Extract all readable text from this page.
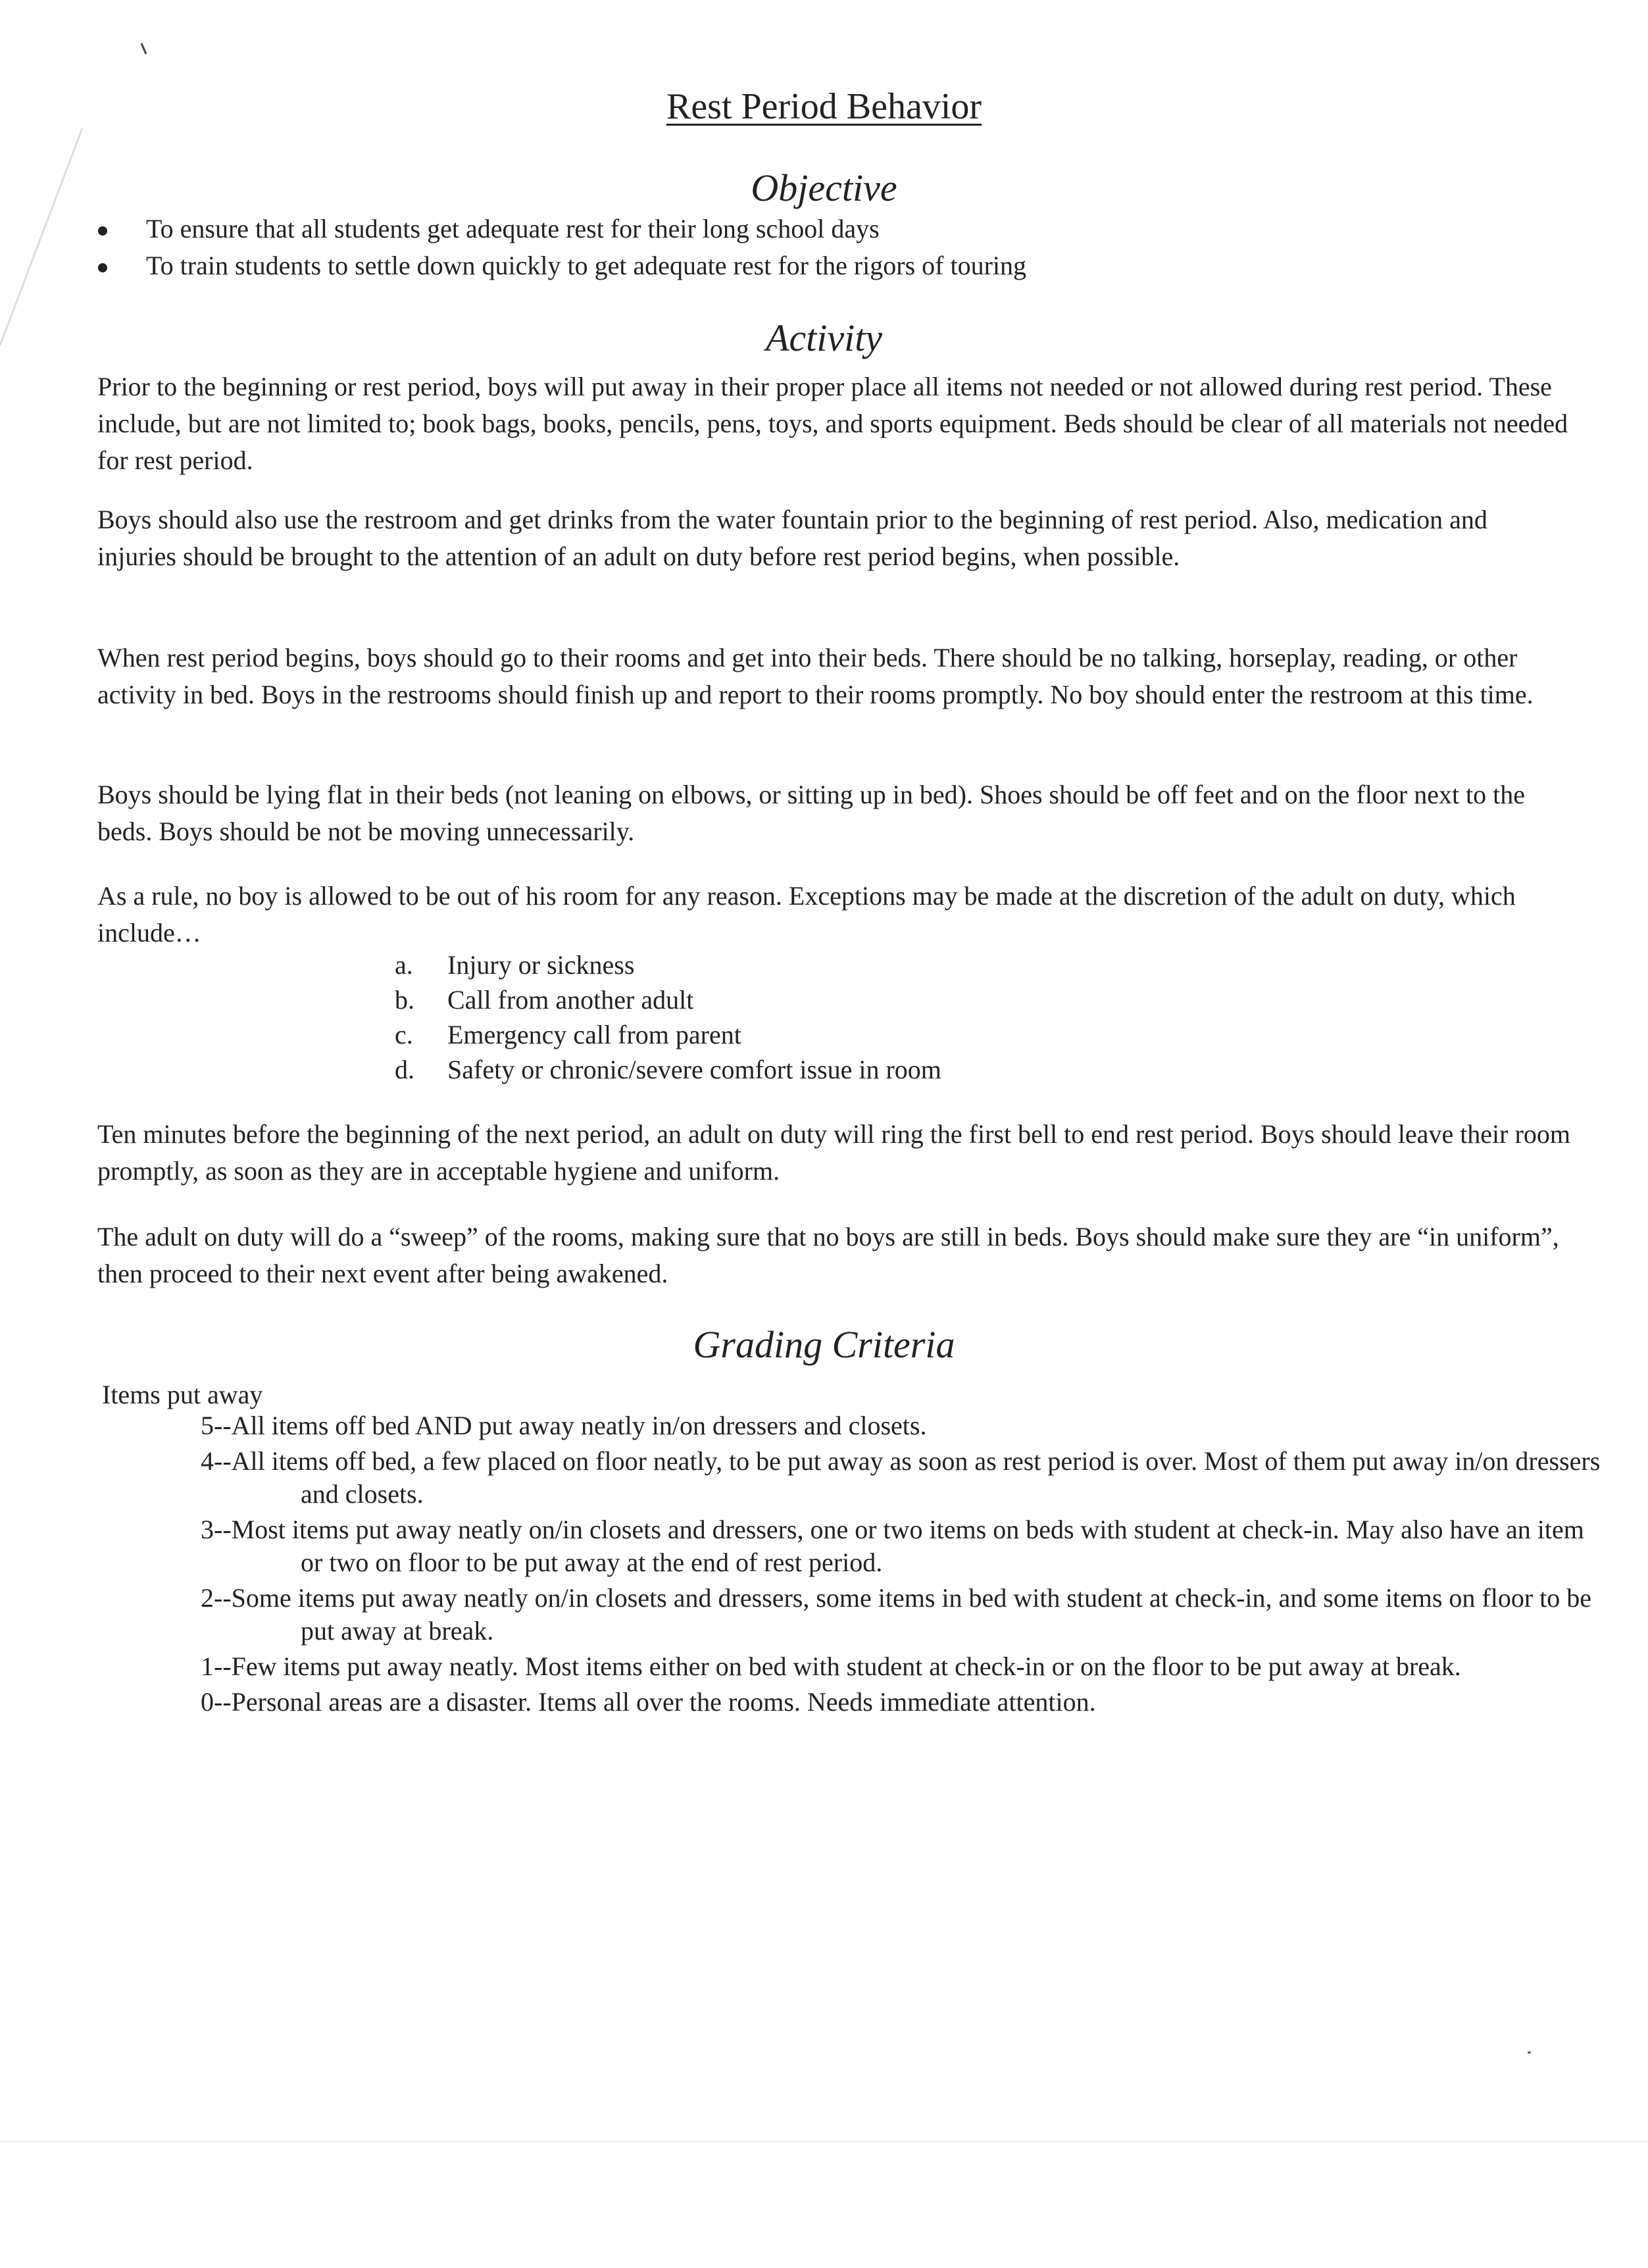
Rest Period Behavior
Objective
To ensure that all students get adequate rest for their long school days
To train students to settle down quickly to get adequate rest for the rigors of touring
Activity

Prior to the beginning or rest period, boys will put away in their proper place all items not needed or not allowed during rest period. These include, but are not limited to; book bags, books, pencils, pens, toys, and sports equipment. Beds should be clear of all materials not needed for rest period.

Boys should also use the restroom and get drinks from the water fountain prior to the beginning of rest period. Also, medication and injuries should be brought to the attention of an adult on duty before rest period begins, when possible.

When rest period begins, boys should go to their rooms and get into their beds. There should be no talking, horseplay, reading, or other activity in bed. Boys in the restrooms should finish up and report to their rooms promptly. No boy should enter the restroom at this time.

Boys should be lying flat in their beds (not leaning on elbows, or sitting up in bed). Shoes should be off feet and on the floor next to the beds. Boys should be not be moving unnecessarily.

As a rule, no boy is allowed to be out of his room for any reason. Exceptions may be made at the discretion of the adult on duty, which include…

a. Injury or sickness
b. Call from another adult
c. Emergency call from parent
d. Safety or chronic/severe comfort issue in room

Ten minutes before the beginning of the next period, an adult on duty will ring the first bell to end rest period. Boys should leave their room promptly, as soon as they are in acceptable hygiene and uniform.

The adult on duty will do a “sweep” of the rooms, making sure that no boys are still in beds. Boys should make sure they are “in uniform”, then proceed to their next event after being awakened.

Grading Criteria
Items put away
5--All items off bed AND put away neatly in/on dressers and closets.
4--All items off bed, a few placed on floor neatly, to be put away as soon as rest period is over. Most of them put away in/on dressers and closets.
3--Most items put away neatly on/in closets and dressers, one or two items on beds with student at check-in. May also have an item or two on floor to be put away at the end of rest period.
2--Some items put away neatly on/in closets and dressers, some items in bed with student at check-in, and some items on floor to be put away at break.
1--Few items put away neatly. Most items either on bed with student at check-in or on the floor to be put away at break.
0--Personal areas are a disaster. Items all over the rooms. Needs immediate attention.
